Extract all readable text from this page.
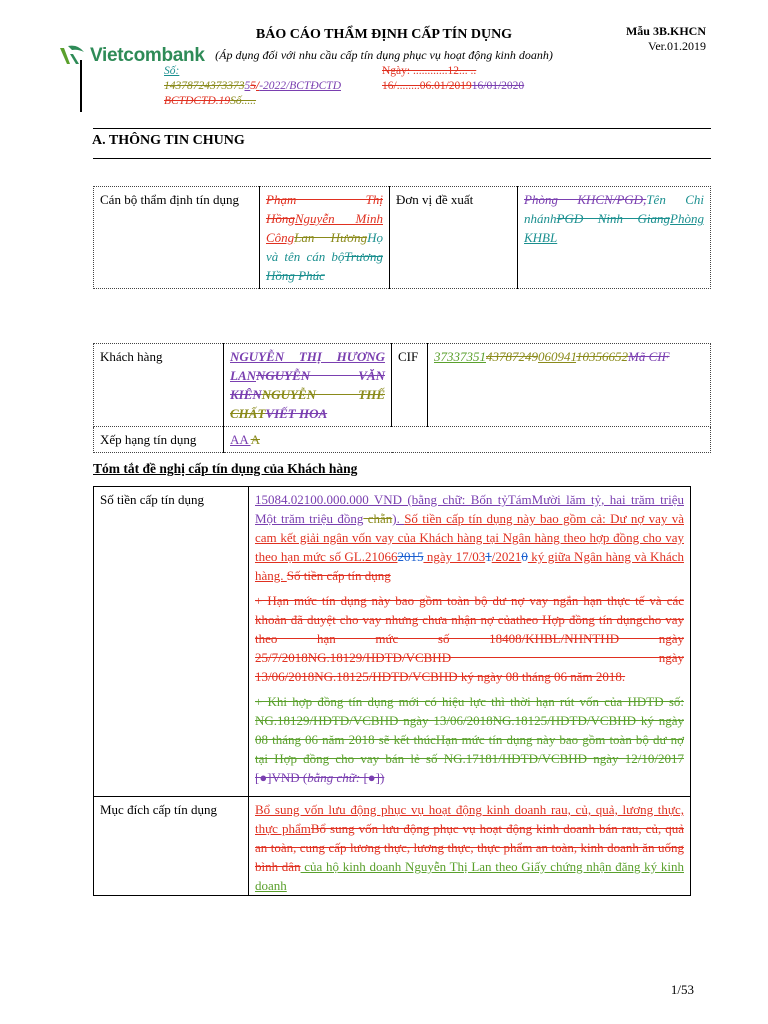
Vietcombank
BÁO CÁO THẨM ĐỊNH CẤP TÍN DỤNG
(Áp dụng đối với nhu cầu cấp tín dụng phục vụ hoạt động kinh doanh)
Mẫu 3B.KHCN
Ver.01.2019
Số:
1437872437337355/-2022/BCTĐCTD
BCTĐCTD.19Số.....
Ngày: ............12... ..
16/........06.01/201916/01/2020
A. THÔNG TIN CHUNG
Cán bộ thẩm định tín dụng	Phạm Thị HồngNguyễn Minh CôngLan HươngHọ và tên cán bộTrương Hồng Phúc	Đơn vị đề xuất	Phòng KHCN/PGD,Tên Chi nhánhPGD Ninh GiangPhòng KHBL
Khách hàng	NGUYỄN THỊ HƯƠNG LANNGUYỄN VĂN KIÊNNGUYỄN THẾ CHẤTVIẾT HOA	CIF	373373514378724906094110356652Mã CIF
Xếp hạng tín dụng	AA A		
Tóm tắt đề nghị cấp tín dụng của Khách hàng
Số tiền cấp tín dụng	15084.02100.000.000 VND (bằng chữ: Bốn tỷTámMười lăm tỷ, hai trăm triệu Một trăm triệu đồng chẵn). Số tiền cấp tín dụng này bao gồm cả: Dư nợ vay và cam kết giải ngân vốn vay của Khách hàng tại Ngân hàng theo hợp đồng cho vay theo hạn mức số GL.210662015 ngày 17/031/20210 ký giữa Ngân hàng và Khách hàng. Số tiền cấp tín dụng
+ Hạn mức tín dụng này bao gồm toàn bộ dư nợ vay ngắn hạn thực tế và các khoản đã duyệt cho vay nhưng chưa nhận nợ củatheo Hợp đồng tín dụngcho vay theo hạn mức số 18408/KHBL/NHNTHD ngày 25/7/2018NG.18129/HDTD/VCBHD ngày 13/06/2018NG.18125/HDTD/VCBHD ký ngày 08 tháng 06 năm 2018.
+ Khi hợp đồng tín dụng mới có hiệu lực thì thời hạn rút vốn của HĐTD số: NG.18129/HDTD/VCBHD ngày 13/06/2018NG.18125/HDTD/VCBHD ký ngày 08 tháng 06 năm 2018 sẽ kết thúcHạn mức tín dụng này bao gồm toàn bộ dư nợ tại Hợp đồng cho vay bán lẻ số NG.17181/HDTD/VCBHD ngày 12/10/2017 [●]VND (bằng chữ: [●])

Mục đích cấp tín dụng	Bổ sung vốn lưu động phục vụ hoạt động kinh doanh rau, củ, quả, lương thực, thực phẩmBổ sung vốn lưu động phục vụ hoạt động kinh doanh bán rau, củ, quả an toàn, cung cấp lương thực, lương thực, thực phẩm an toàn, kinh doanh ăn uống bình dân của hộ kinh doanh Nguyễn Thị Lan theo Giấy chứng nhận đăng ký kinh doanh
1/53
